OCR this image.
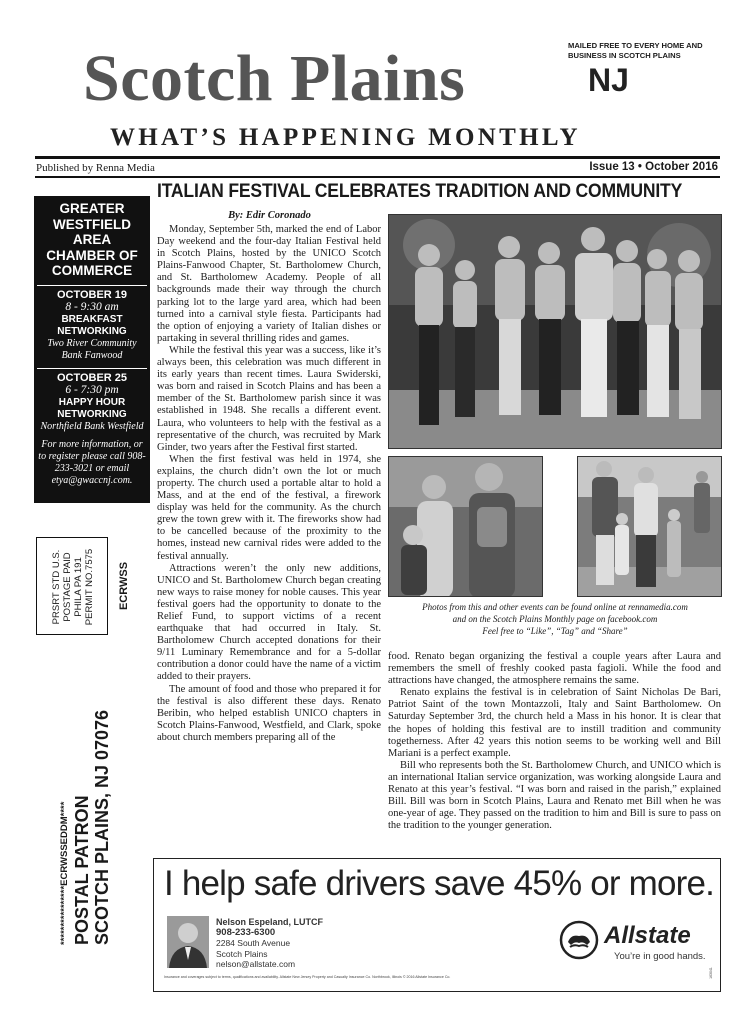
MAILED FREE TO EVERY HOME AND BUSINESS IN SCOTCH PLAINS
Scotch Plains	NJ
WHAT’S HAPPENING MONTHLY
Published by Renna Media	Issue 13 • October 2016
GREATER WESTFIELD AREA CHAMBER OF COMMERCE
OCTOBER 19
8 - 9:30 am
BREAKFAST NETWORKING
Two River Community Bank Fanwood
OCTOBER 25
6 - 7:30 pm
HAPPY HOUR NETWORKING
Northfield Bank Westfield
For more information, or to register please call 908-233-3021 or email etya@gwaccnj.com.
PRSRT STD U.S. POSTAGE PAID PHILA PA 191 PERMIT NO.7575 ECRWSS
****************ECRWSSEDDM**** POSTAL PATRON SCOTCH PLAINS, NJ 07076
ITALIAN FESTIVAL CELEBRATES TRADITION AND COMMUNITY
By: Edir Coronado

Monday, September 5th, marked the end of Labor Day weekend and the four-day Italian Festival held in Scotch Plains, hosted by the UNICO Scotch Plains-Fanwood Chapter, St. Bartholomew Church, and St. Bartholomew Academy. People of all backgrounds made their way through the church parking lot to the large yard area, which had been turned into a carnival style fiesta. Participants had the option of enjoying a variety of Italian dishes or partaking in several thrilling rides and games.

While the festival this year was a success, like it’s always been, this celebration was much different in its early years than recent times. Laura Swiderski, was born and raised in Scotch Plains and has been a member of the St. Bartholomew parish since it was established in 1948. She recalls a different event. Laura, who volunteers to help with the festival as a representative of the church, was recruited by Mark Ginder, two years after the Festival first started.

When the first festival was held in 1974, she explains, the church didn’t own the lot or much property. The church used a portable altar to hold a Mass, and at the end of the festival, a firework display was held for the community. As the church grew the town grew with it. The fireworks show had to be cancelled because of the proximity to the homes, instead new carnival rides were added to the festival annually.

Attractions weren’t the only new additions, UNICO and St. Bartholomew Church began creating new ways to raise money for noble causes. This year festival goers had the opportunity to donate to the Relief Fund, to support victims of a recent earthquake that had occurred in Italy. St. Bartholomew Church accepted donations for their 9/11 Luminary Remembrance and for a 5-dollar contribution a donor could have the name of a victim added to their prayers.

The amount of food and those who prepared it for the festival is also different these days. Renato Beribin, who helped establish UNICO chapters in Scotch Plains-Fanwood, Westfield, and Clark, spoke about church members preparing all of the

Photos from this and other events can be found online at rennamedia.com
and on the Scotch Plains Monthly page on facebook.com
Feel free to “Like”, “Tag” and “Share”

food. Renato began organizing the festival a couple years after Laura and remembers the smell of freshly cooked pasta fagioli. While the food and attractions have changed, the atmosphere remains the same.

Renato explains the festival is in celebration of Saint Nicholas De Bari, Patriot Saint of the town Montazzoli, Italy and Saint Bartholomew. On Saturday September 3rd, the church held a Mass in his honor. It is clear that the hopes of holding this festival are to instill tradition and community togetherness. After 42 years this notion seems to be working well and Bill Mariani is a perfect example.

Bill who represents both the St. Bartholomew Church, and UNICO which is an international Italian service organization, was working alongside Laura and Renato at this year’s festival. “I was born and raised in the parish,” explained Bill. Bill was born in Scotch Plains, Laura and Renato met Bill when he was one-year of age. They passed on the tradition to him and Bill is sure to pass on the tradition to the younger generation.

I help safe drivers save 45% or more.
Nelson Espeland, LUTCF
908-233-6300
2284 South Avenue
Scotch Plains
nelson@allstate.com
Allstate
You’re in good hands.
Insurance and coverages subject to terms, qualifications and availability. Allstate New Jersey Property and Casualty Insurance Co. Northbrook, Illinois © 2016 Allstate Insurance Co.	163041
